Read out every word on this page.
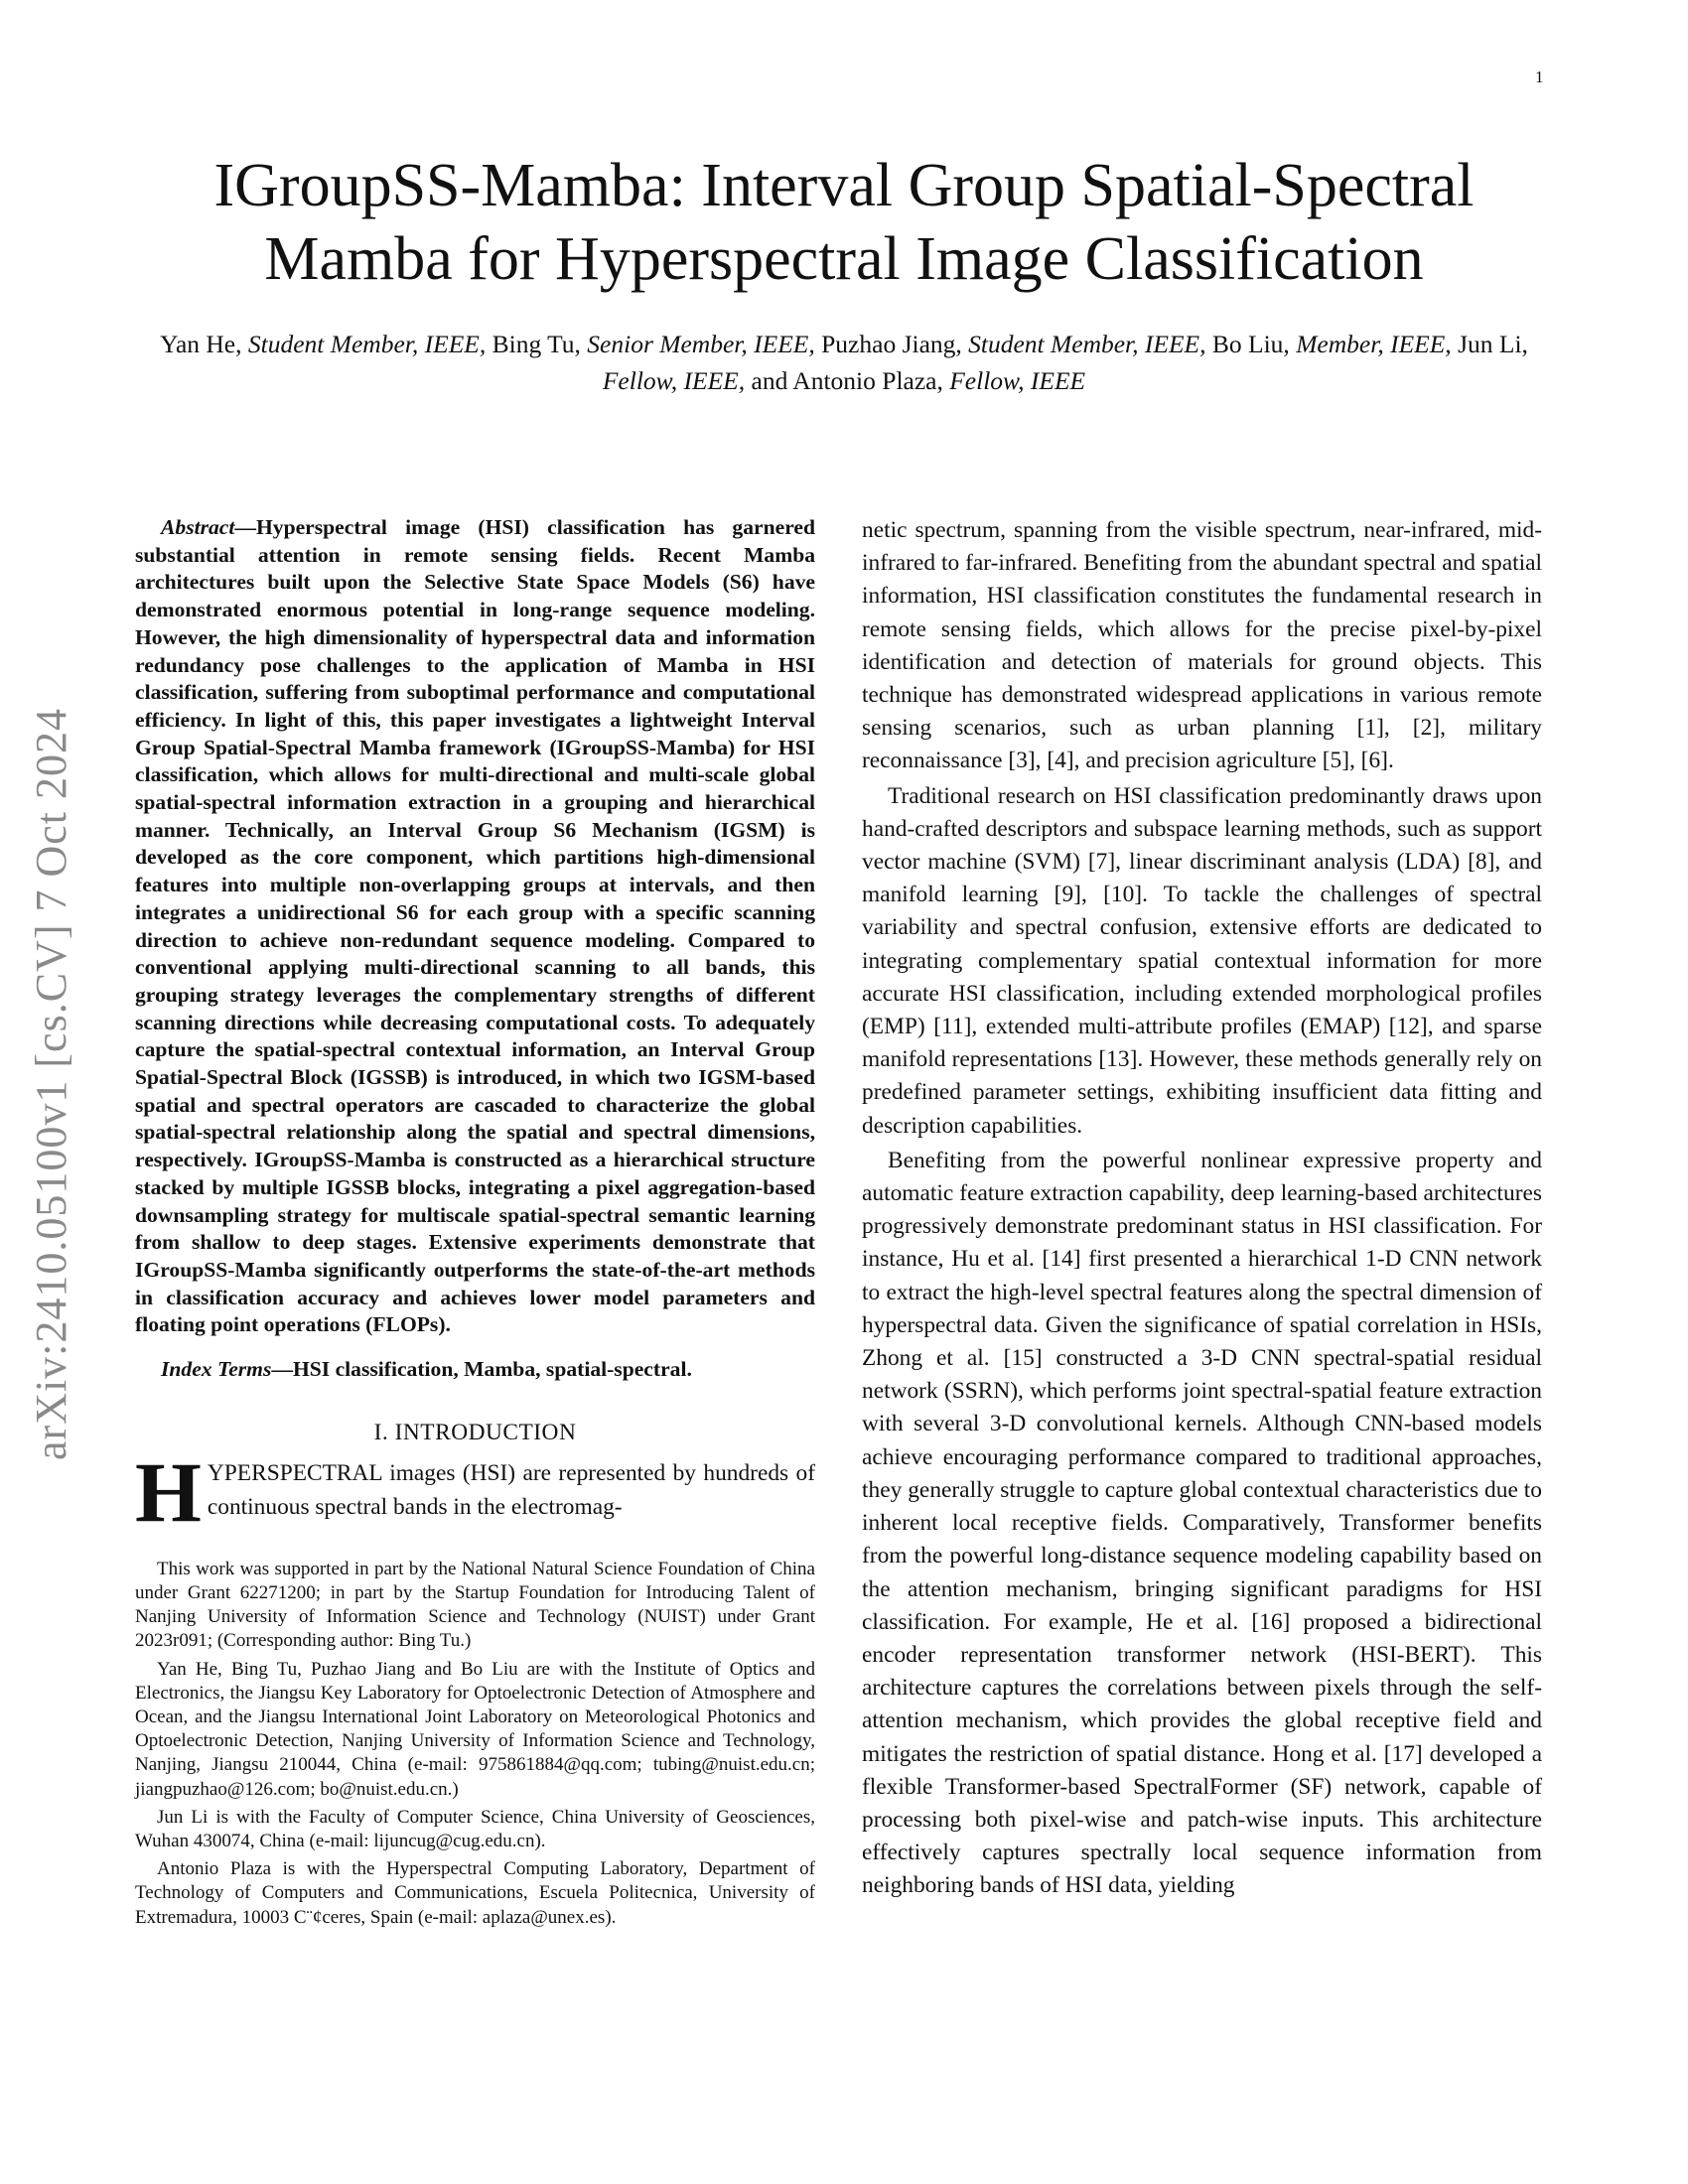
1
arXiv:2410.05100v1 [cs.CV] 7 Oct 2024
IGroupSS-Mamba: Interval Group Spatial-Spectral
Mamba for Hyperspectral Image Classification
Yan He, Student Member, IEEE, Bing Tu, Senior Member, IEEE, Puzhao Jiang, Student Member, IEEE, Bo Liu, Member, IEEE, Jun Li, Fellow, IEEE, and Antonio Plaza, Fellow, IEEE

Abstract—Hyperspectral image (HSI) classification has garnered substantial attention in remote sensing fields. Recent Mamba architectures built upon the Selective State Space Models (S6) have demonstrated enormous potential in long-range sequence modeling. However, the high dimensionality of hyperspectral data and information redundancy pose challenges to the application of Mamba in HSI classification, suffering from suboptimal performance and computational efficiency. In light of this, this paper investigates a lightweight Interval Group Spatial-Spectral Mamba framework (IGroupSS-Mamba) for HSI classification, which allows for multi-directional and multi-scale global spatial-spectral information extraction in a grouping and hierarchical manner. Technically, an Interval Group S6 Mechanism (IGSM) is developed as the core component, which partitions high-dimensional features into multiple non-overlapping groups at intervals, and then integrates a unidirectional S6 for each group with a specific scanning direction to achieve non-redundant sequence modeling. Compared to conventional applying multi-directional scanning to all bands, this grouping strategy leverages the complementary strengths of different scanning directions while decreasing computational costs. To adequately capture the spatial-spectral contextual information, an Interval Group Spatial-Spectral Block (IGSSB) is introduced, in which two IGSM-based spatial and spectral operators are cascaded to characterize the global spatial-spectral relationship along the spatial and spectral dimensions, respectively. IGroupSS-Mamba is constructed as a hierarchical structure stacked by multiple IGSSB blocks, integrating a pixel aggregation-based downsampling strategy for multiscale spatial-spectral semantic learning from shallow to deep stages. Extensive experiments demonstrate that IGroupSS-Mamba significantly outperforms the state-of-the-art methods in classification accuracy and achieves lower model parameters and floating point operations (FLOPs).

Index Terms—HSI classification, Mamba, spatial-spectral.

I. INTRODUCTION

HYPERSPECTRAL images (HSI) are represented by hundreds of continuous spectral bands in the electromag-

This work was supported in part by the National Natural Science Foundation of China under Grant 62271200; in part by the Startup Foundation for Introducing Talent of Nanjing University of Information Science and Technology (NUIST) under Grant 2023r091; (Corresponding author: Bing Tu.)

Yan He, Bing Tu, Puzhao Jiang and Bo Liu are with the Institute of Optics and Electronics, the Jiangsu Key Laboratory for Optoelectronic Detection of Atmosphere and Ocean, and the Jiangsu International Joint Laboratory on Meteorological Photonics and Optoelectronic Detection, Nanjing University of Information Science and Technology, Nanjing, Jiangsu 210044, China (e-mail: 975861884@qq.com; tubing@nuist.edu.cn; jiangpuzhao@126.com; bo@nuist.edu.cn.)

Jun Li is with the Faculty of Computer Science, China University of Geosciences, Wuhan 430074, China (e-mail: lijuncug@cug.edu.cn).

Antonio Plaza is with the Hyperspectral Computing Laboratory, Department of Technology of Computers and Communications, Escuela Politecnica, University of Extremadura, 10003 C¨¢ceres, Spain (e-mail: aplaza@unex.es).

netic spectrum, spanning from the visible spectrum, near-infrared, mid-infrared to far-infrared. Benefiting from the abundant spectral and spatial information, HSI classification constitutes the fundamental research in remote sensing fields, which allows for the precise pixel-by-pixel identification and detection of materials for ground objects. This technique has demonstrated widespread applications in various remote sensing scenarios, such as urban planning [1], [2], military reconnaissance [3], [4], and precision agriculture [5], [6].

Traditional research on HSI classification predominantly draws upon hand-crafted descriptors and subspace learning methods, such as support vector machine (SVM) [7], linear discriminant analysis (LDA) [8], and manifold learning [9], [10]. To tackle the challenges of spectral variability and spectral confusion, extensive efforts are dedicated to integrating complementary spatial contextual information for more accurate HSI classification, including extended morphological profiles (EMP) [11], extended multi-attribute profiles (EMAP) [12], and sparse manifold representations [13]. However, these methods generally rely on predefined parameter settings, exhibiting insufficient data fitting and description capabilities.

Benefiting from the powerful nonlinear expressive property and automatic feature extraction capability, deep learning-based architectures progressively demonstrate predominant status in HSI classification. For instance, Hu et al. [14] first presented a hierarchical 1-D CNN network to extract the high-level spectral features along the spectral dimension of hyperspectral data. Given the significance of spatial correlation in HSIs, Zhong et al. [15] constructed a 3-D CNN spectral-spatial residual network (SSRN), which performs joint spectral-spatial feature extraction with several 3-D convolutional kernels. Although CNN-based models achieve encouraging performance compared to traditional approaches, they generally struggle to capture global contextual characteristics due to inherent local receptive fields. Comparatively, Transformer benefits from the powerful long-distance sequence modeling capability based on the attention mechanism, bringing significant paradigms for HSI classification. For example, He et al. [16] proposed a bidirectional encoder representation transformer network (HSI-BERT). This architecture captures the correlations between pixels through the self-attention mechanism, which provides the global receptive field and mitigates the restriction of spatial distance. Hong et al. [17] developed a flexible Transformer-based SpectralFormer (SF) network, capable of processing both pixel-wise and patch-wise inputs. This architecture effectively captures spectrally local sequence information from neighboring bands of HSI data, yielding
